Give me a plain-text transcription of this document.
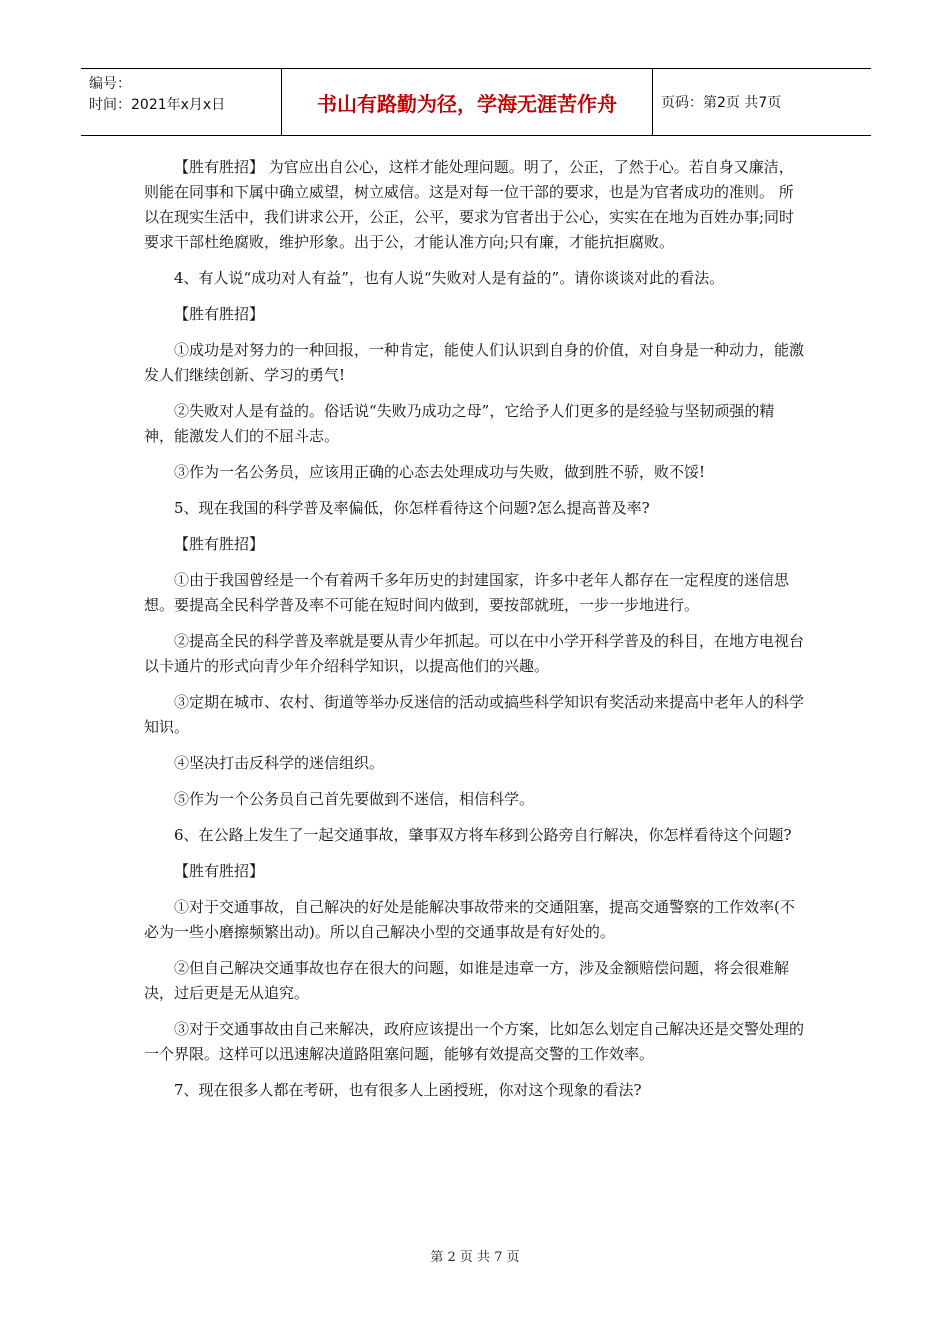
编号：
时间：2021年x月x日	书山有路勤为径，学海无涯苦作舟	页码：第2页 共7页

【胜有胜招】 为官应出自公心，这样才能处理问题。明了，公正，了然于心。若自身又廉洁，则能在同事和下属中确立威望，树立威信。这是对每一位干部的要求，也是为官者成功的准则。 所以在现实生活中，我们讲求公开，公正，公平，要求为官者出于公心，实实在在地为百姓办事;同时要求干部杜绝腐败，维护形象。出于公，才能认准方向;只有廉，才能抗拒腐败。

4、有人说“成功对人有益”，也有人说“失败对人是有益的”。请你谈谈对此的看法。

【胜有胜招】

①成功是对努力的一种回报，一种肯定，能使人们认识到自身的价值，对自身是一种动力，能激发人们继续创新、学习的勇气!

②失败对人是有益的。俗话说“失败乃成功之母”，它给予人们更多的是经验与坚韧顽强的精神，能激发人们的不屈斗志。

③作为一名公务员，应该用正确的心态去处理成功与失败，做到胜不骄，败不馁!

5、现在我国的科学普及率偏低，你怎样看待这个问题?怎么提高普及率?

【胜有胜招】

①由于我国曾经是一个有着两千多年历史的封建国家，许多中老年人都存在一定程度的迷信思想。要提高全民科学普及率不可能在短时间内做到，要按部就班，一步一步地进行。

②提高全民的科学普及率就是要从青少年抓起。可以在中小学开科学普及的科目，在地方电视台以卡通片的形式向青少年介绍科学知识，以提高他们的兴趣。

③定期在城市、农村、街道等举办反迷信的活动或搞些科学知识有奖活动来提高中老年人的科学知识。

④坚决打击反科学的迷信组织。

⑤作为一个公务员自己首先要做到不迷信，相信科学。

6、在公路上发生了一起交通事故，肇事双方将车移到公路旁自行解决，你怎样看待这个问题?

【胜有胜招】

①对于交通事故，自己解决的好处是能解决事故带来的交通阻塞，提高交通警察的工作效率(不必为一些小磨擦频繁出动)。所以自己解决小型的交通事故是有好处的。

②但自己解决交通事故也存在很大的问题，如谁是违章一方，涉及金额赔偿问题，将会很难解决，过后更是无从追究。

③对于交通事故由自己来解决，政府应该提出一个方案，比如怎么划定自己解决还是交警处理的一个界限。这样可以迅速解决道路阻塞问题，能够有效提高交警的工作效率。

7、现在很多人都在考研，也有很多人上函授班，你对这个现象的看法?

第 2 页 共 7 页
